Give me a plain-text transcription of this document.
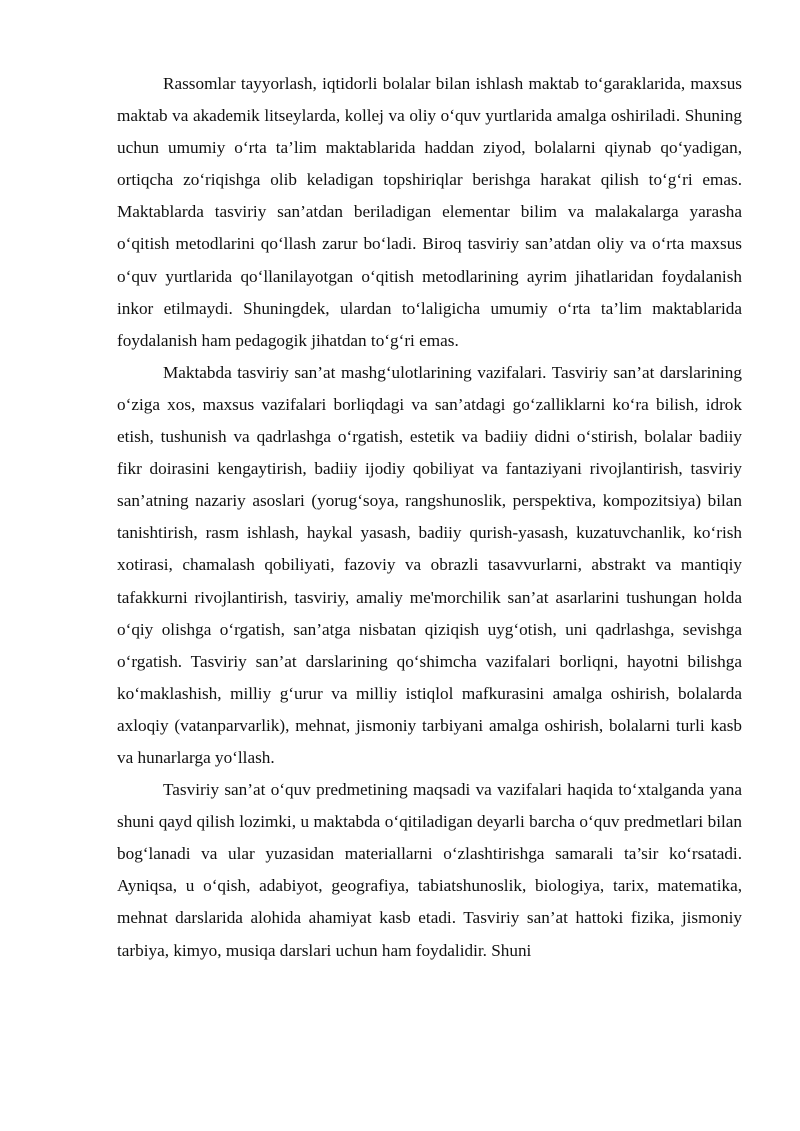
Rassomlar tayyorlash, iqtidorli bolalar bilan ishlash maktab to‘garaklarida, maxsus maktab va akademik litseylarda, kollej va oliy o‘quv yurtlarida amalga oshiriladi. Shuning uchun umumiy o‘rta ta’lim maktablarida haddan ziyod, bolalarni qiynab qo‘yadigan, ortiqcha zo‘riqishga olib keladigan topshiriqlar berishga harakat qilish to‘g‘ri emas. Maktablarda tasviriy san’atdan beriladigan elementar bilim va malakalarga yarasha o‘qitish metodlarini qo‘llash zarur bo‘ladi. Biroq tasviriy san’atdan oliy va o‘rta maxsus o‘quv yurtlarida qo‘llanilayotgan o‘qitish metodlarining ayrim jihatlaridan foydalanish inkor etilmaydi. Shuningdek, ulardan to‘laligicha umumiy o‘rta ta’lim maktablarida foydalanish ham pedagogik jihatdan to‘g‘ri emas.

Maktabda tasviriy san’at mashg‘ulotlarining vazifalari. Tasviriy san’at darslarining o‘ziga xos, maxsus vazifalari borliqdagi va san’atdagi go‘zalliklarni ko‘ra bilish, idrok etish, tushunish va qadrlashga o‘rgatish, estetik va badiiy didni o‘stirish, bolalar badiiy fikr doirasini kengaytirish, badiiy ijodiy qobiliyat va fantaziyani rivojlantirish, tasviriy san’atning nazariy asoslari (yorug‘soya, rangshunoslik, perspektiva, kompozitsiya) bilan tanishtirish, rasm ishlash, haykal yasash, badiiy qurish-yasash, kuzatuvchanlik, ko‘rish xotirasi, chamalash qobiliyati, fazoviy va obrazli tasavvurlarni, abstrakt va mantiqiy tafakkurni rivojlantirish, tasviriy, amaliy me'morchilik san’at asarlarini tushungan holda o‘qiy olishga o‘rgatish, san’atga nisbatan qiziqish uyg‘otish, uni qadrlashga, sevishga o‘rgatish. Tasviriy san’at darslarining qo‘shimcha vazifalari borliqni, hayotni bilishga ko‘maklashish, milliy g‘urur va milliy istiqlol mafkurasini amalga oshirish, bolalarda axloqiy (vatanparvarlik), mehnat, jismoniy tarbiyani amalga oshirish, bolalarni turli kasb va hunarlarga yo‘llash.

Tasviriy san’at o‘quv predmetining maqsadi va vazifalari haqida to‘xtalganda yana shuni qayd qilish lozimki, u maktabda o‘qitiladigan deyarli barcha o‘quv predmetlari bilan bog‘lanadi va ular yuzasidan materiallarni o‘zlashtirishga samarali ta’sir ko‘rsatadi. Ayniqsa, u o‘qish, adabiyot, geografiya, tabiatshunoslik, biologiya, tarix, matematika, mehnat darslarida alohida ahamiyat kasb etadi. Tasviriy san’at hattoki fizika, jismoniy tarbiya, kimyo, musiqa darslari uchun ham foydalidir. Shuni
